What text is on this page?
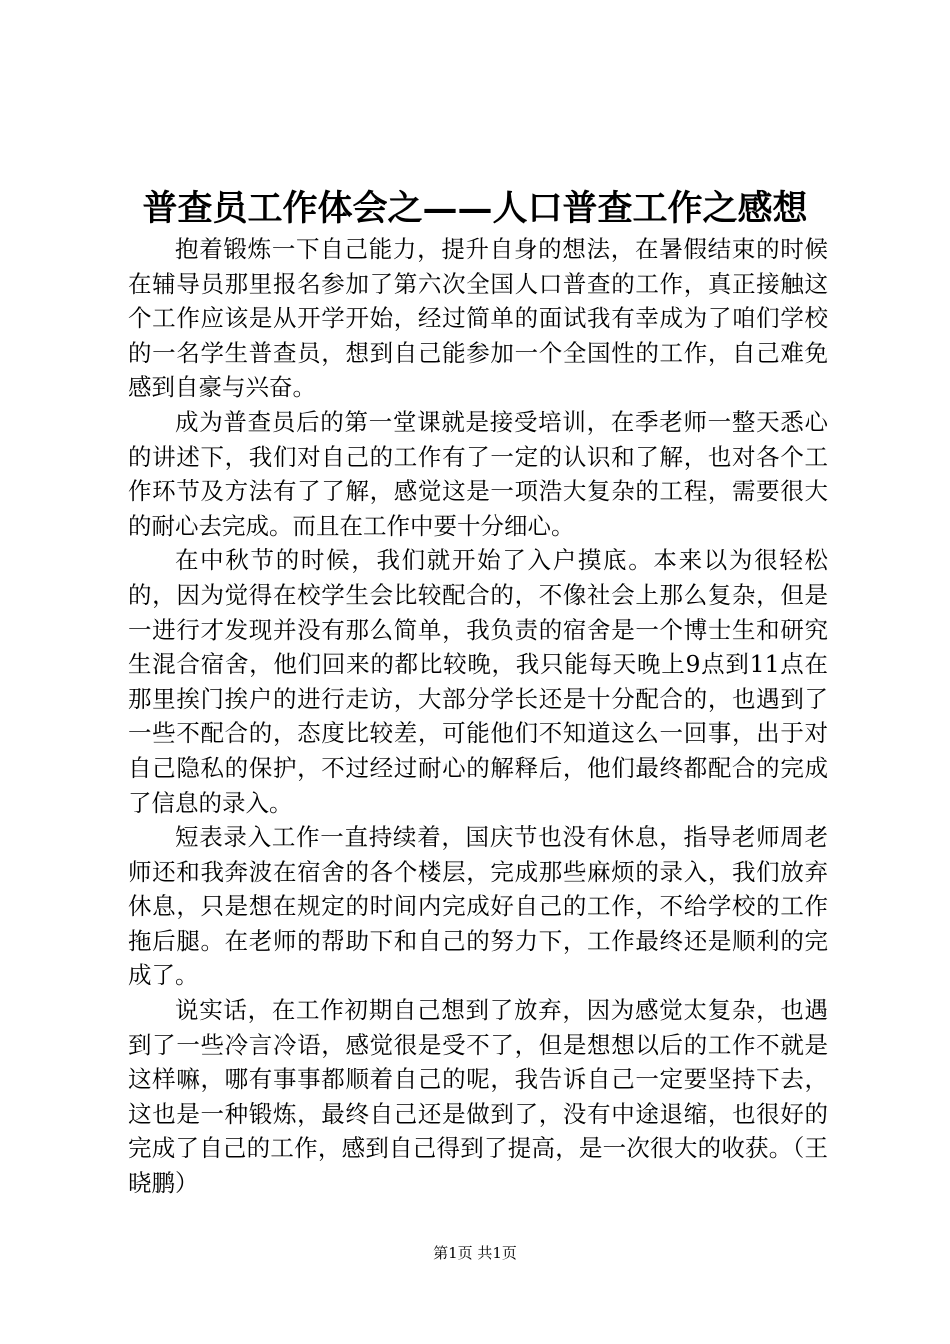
普查员工作体会之——人口普查工作之感想

抱着锻炼一下自己能力，提升自身的想法，在暑假结束的时候在辅导员那里报名参加了第六次全国人口普查的工作，真正接触这个工作应该是从开学开始，经过简单的面试我有幸成为了咱们学校的一名学生普查员，想到自己能参加一个全国性的工作，自己难免感到自豪与兴奋。

成为普查员后的第一堂课就是接受培训，在季老师一整天悉心的讲述下，我们对自己的工作有了一定的认识和了解，也对各个工作环节及方法有了了解，感觉这是一项浩大复杂的工程，需要很大的耐心去完成。而且在工作中要十分细心。

在中秋节的时候，我们就开始了入户摸底。本来以为很轻松的，因为觉得在校学生会比较配合的，不像社会上那么复杂，但是一进行才发现并没有那么简单，我负责的宿舍是一个博士生和研究生混合宿舍，他们回来的都比较晚，我只能每天晚上9点到11点在那里挨门挨户的进行走访，大部分学长还是十分配合的，也遇到了一些不配合的，态度比较差，可能他们不知道这么一回事，出于对自己隐私的保护，不过经过耐心的解释后，他们最终都配合的完成了信息的录入。

短表录入工作一直持续着，国庆节也没有休息，指导老师周老师还和我奔波在宿舍的各个楼层，完成那些麻烦的录入，我们放弃休息，只是想在规定的时间内完成好自己的工作，不给学校的工作拖后腿。在老师的帮助下和自己的努力下，工作最终还是顺利的完成了。

说实话，在工作初期自己想到了放弃，因为感觉太复杂，也遇到了一些冷言冷语，感觉很是受不了，但是想想以后的工作不就是这样嘛，哪有事事都顺着自己的呢，我告诉自己一定要坚持下去，这也是一种锻炼，最终自己还是做到了，没有中途退缩，也很好的完成了自己的工作，感到自己得到了提高，是一次很大的收获。（王晓鹏）

第1页 共1页
